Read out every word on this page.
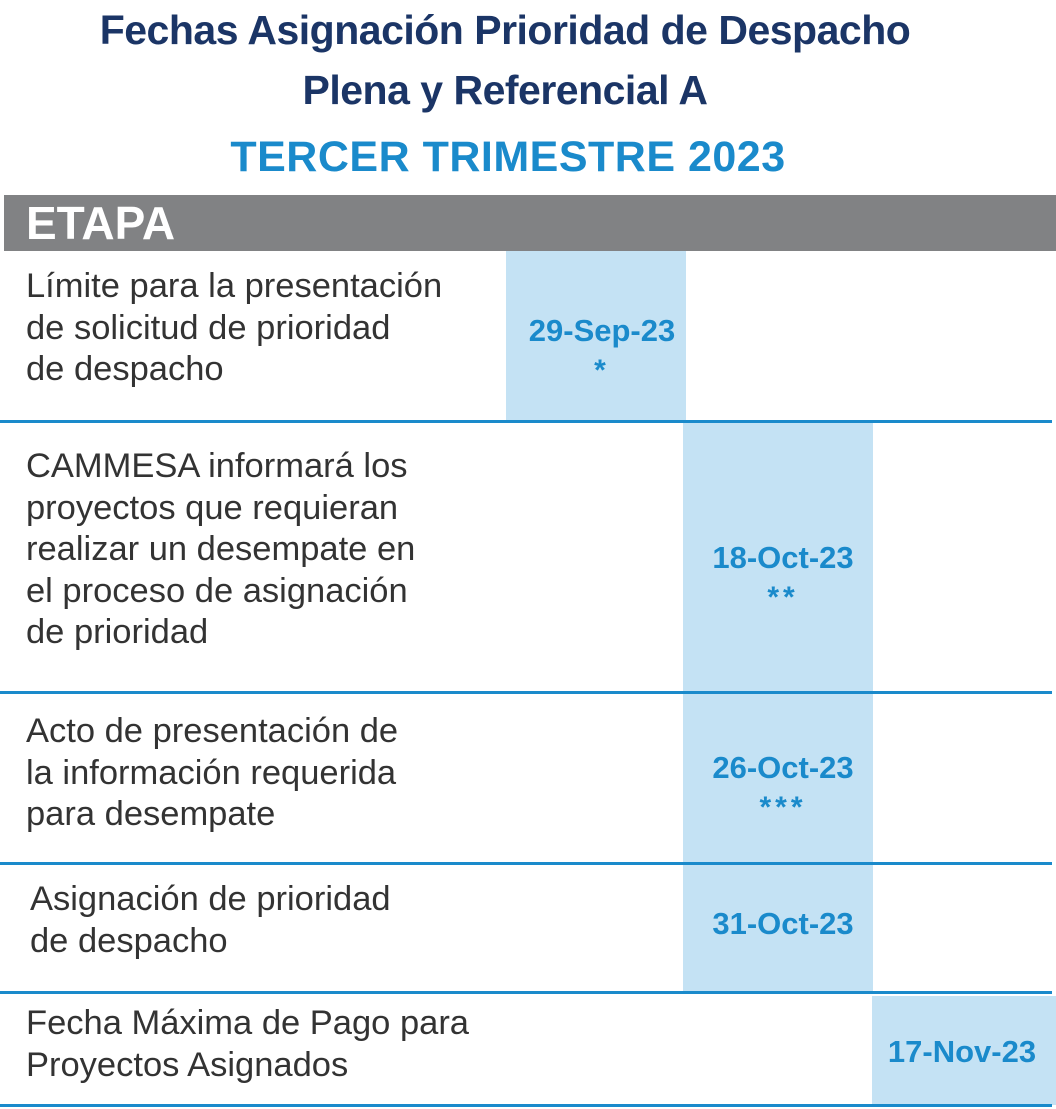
Fechas Asignación Prioridad de Despacho
Plena y Referencial A
TERCER TRIMESTRE 2023
ETAPA
Límite para la presentación
de solicitud de prioridad
de despacho
29-Sep-23
*
CAMMESA informará los
proyectos que requieran
realizar un desempate en
el proceso de asignación
de prioridad
18-Oct-23
**
Acto de presentación de
la información requerida
para desempate
26-Oct-23
***
Asignación de prioridad
de despacho	31-Oct-23
Fecha Máxima de Pago para
Proyectos Asignados	17-Nov-23
